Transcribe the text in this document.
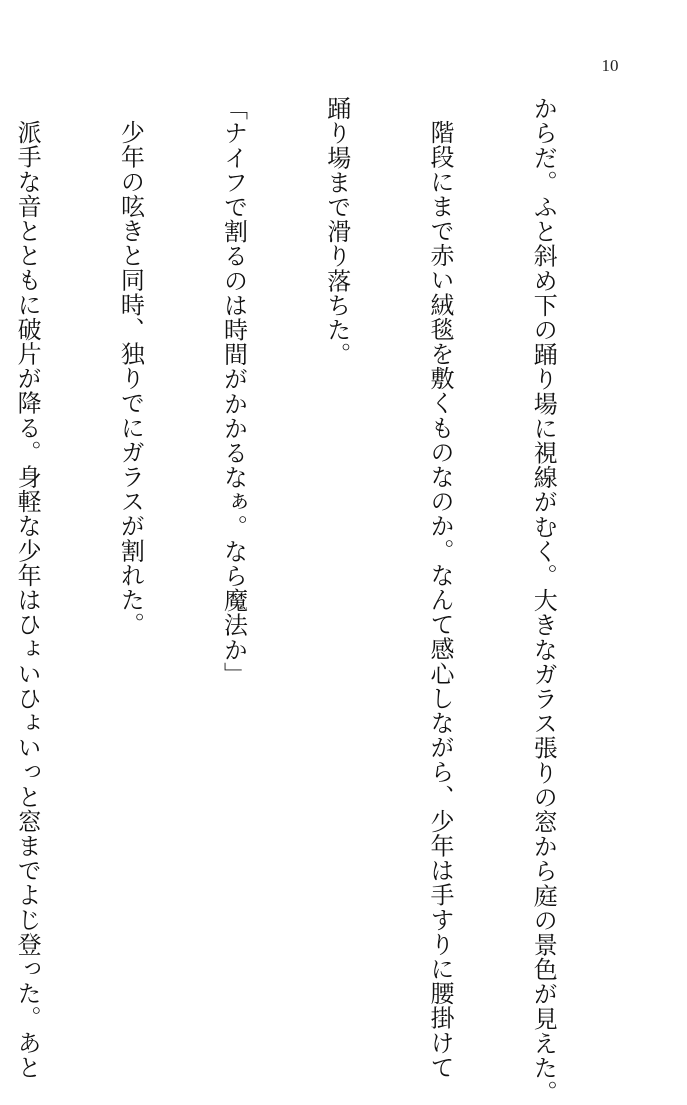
10

からだ。ふと斜め下の踊り場に視線がむく。大きなガラス張りの窓から庭の景色が見えた。

階段にまで赤い絨毯を敷くものなのか。なんて感心しながら、少年は手すりに腰掛けて

踊り場まで滑り落ちた。

「ナイフで割るのは時間がかかるなぁ。なら魔法か」

少年の呟きと同時、独りでにガラスが割れた。

派手な音とともに破片が降る。身軽な少年はひょいひょいっと窓までよじ登った。あと
